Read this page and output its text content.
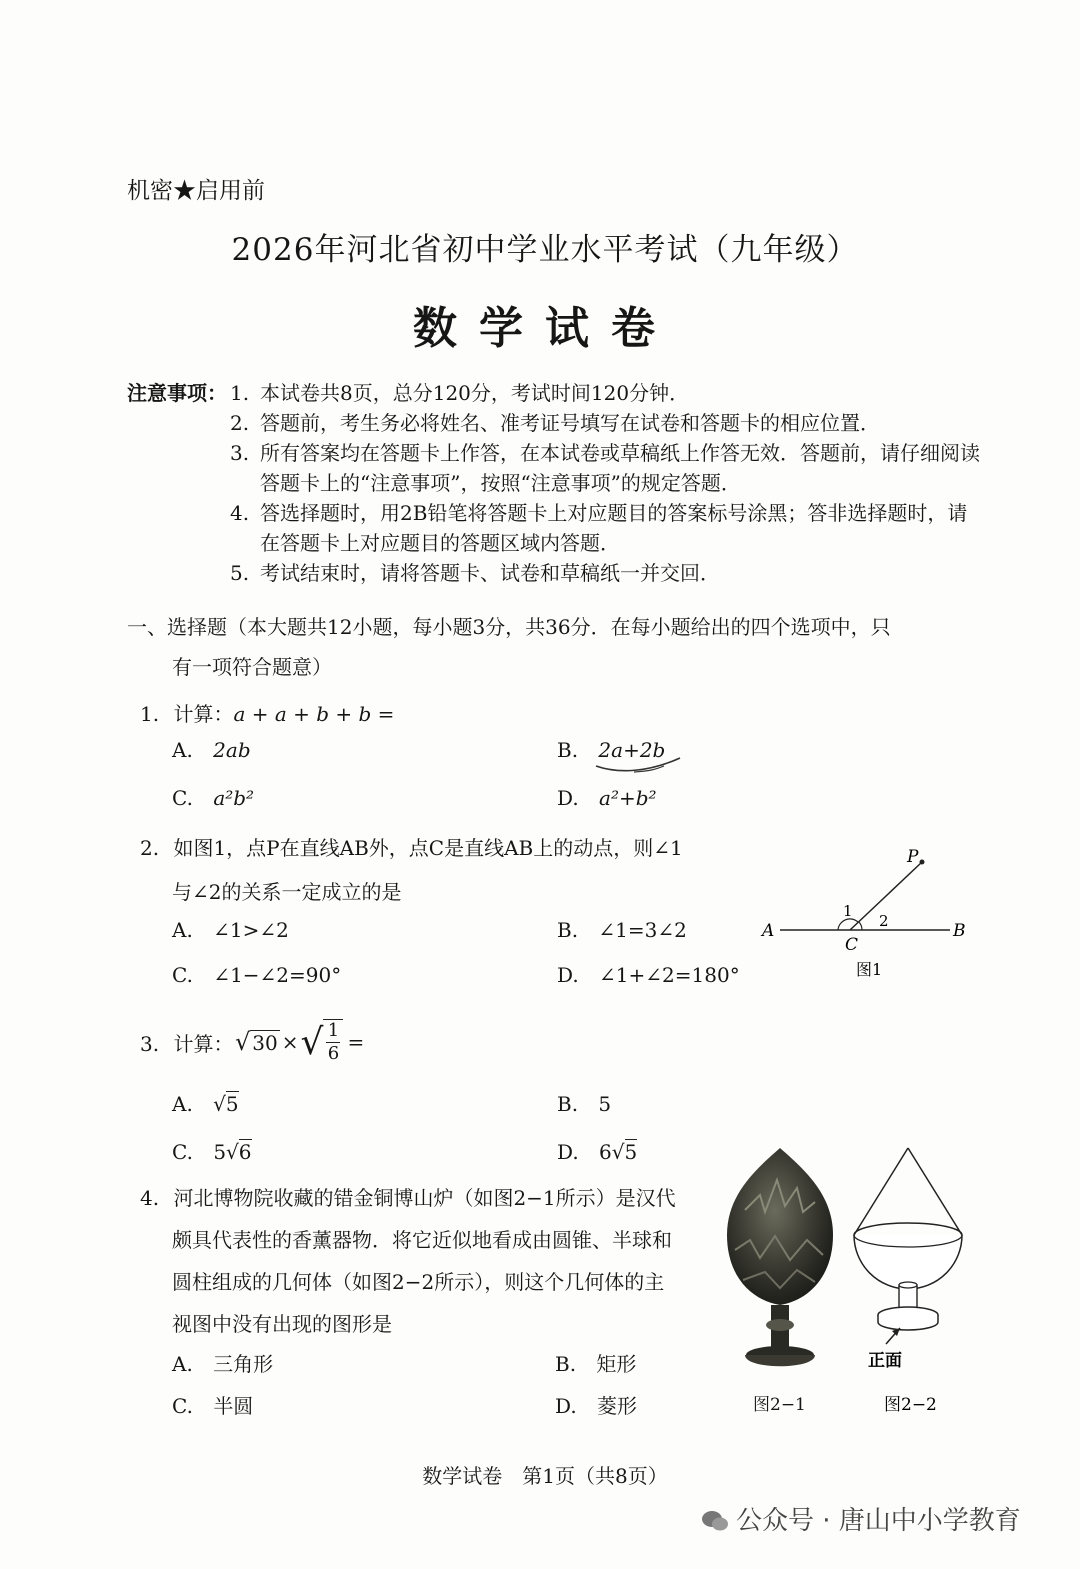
机密★启用前
2026年河北省初中学业水平考试（九年级）
数学试卷
注意事项： 1. 本试卷共8页，总分120分，考试时间120分钟．
2. 答题前，考生务必将姓名、准考证号填写在试卷和答题卡的相应位置．
3. 所有答案均在答题卡上作答，在本试卷或草稿纸上作答无效．答题前，请仔细阅读答题卡上的“注意事项”，按照“注意事项”的规定答题．
4. 答选择题时，用2B铅笔将答题卡上对应题目的答案标号涂黑；答非选择题时，请在答题卡上对应题目的答题区域内答题．
5. 考试结束时，请将答题卡、试卷和草稿纸一并交回．
一、选择题（本大题共12小题，每小题3分，共36分．在每小题给出的四个选项中，只
有一项符合题意）
1. 计算：a + a + b + b =
A. 2ab	B. 2a+2b
C. a²b²	D. a²+b²
2. 如图1，点P在直线AB外，点C是直线AB上的动点，则∠1
与∠2的关系一定成立的是
A. ∠1>∠2	B. ∠1=3∠2
C. ∠1−∠2=90°	D. ∠1+∠2=180°
P
A	B
C
1
2
图1
3. 计算： √ 30 × √ $\frac{1}{6}$ =
A. √5	B. 5
C. 5√6	D. 6√5
4. 河北博物院收藏的错金铜博山炉（如图2−1所示）是汉代
颇具代表性的香薰器物．将它近似地看成由圆锥、半球和
圆柱组成的几何体（如图2−2所示），则这个几何体的主
视图中没有出现的图形是
A. 三角形	B. 矩形
C. 半圆	D. 菱形	图2−1
正面
图2−2
数学试卷　第1页（共8页）
公众号 · 唐山中小学教育
